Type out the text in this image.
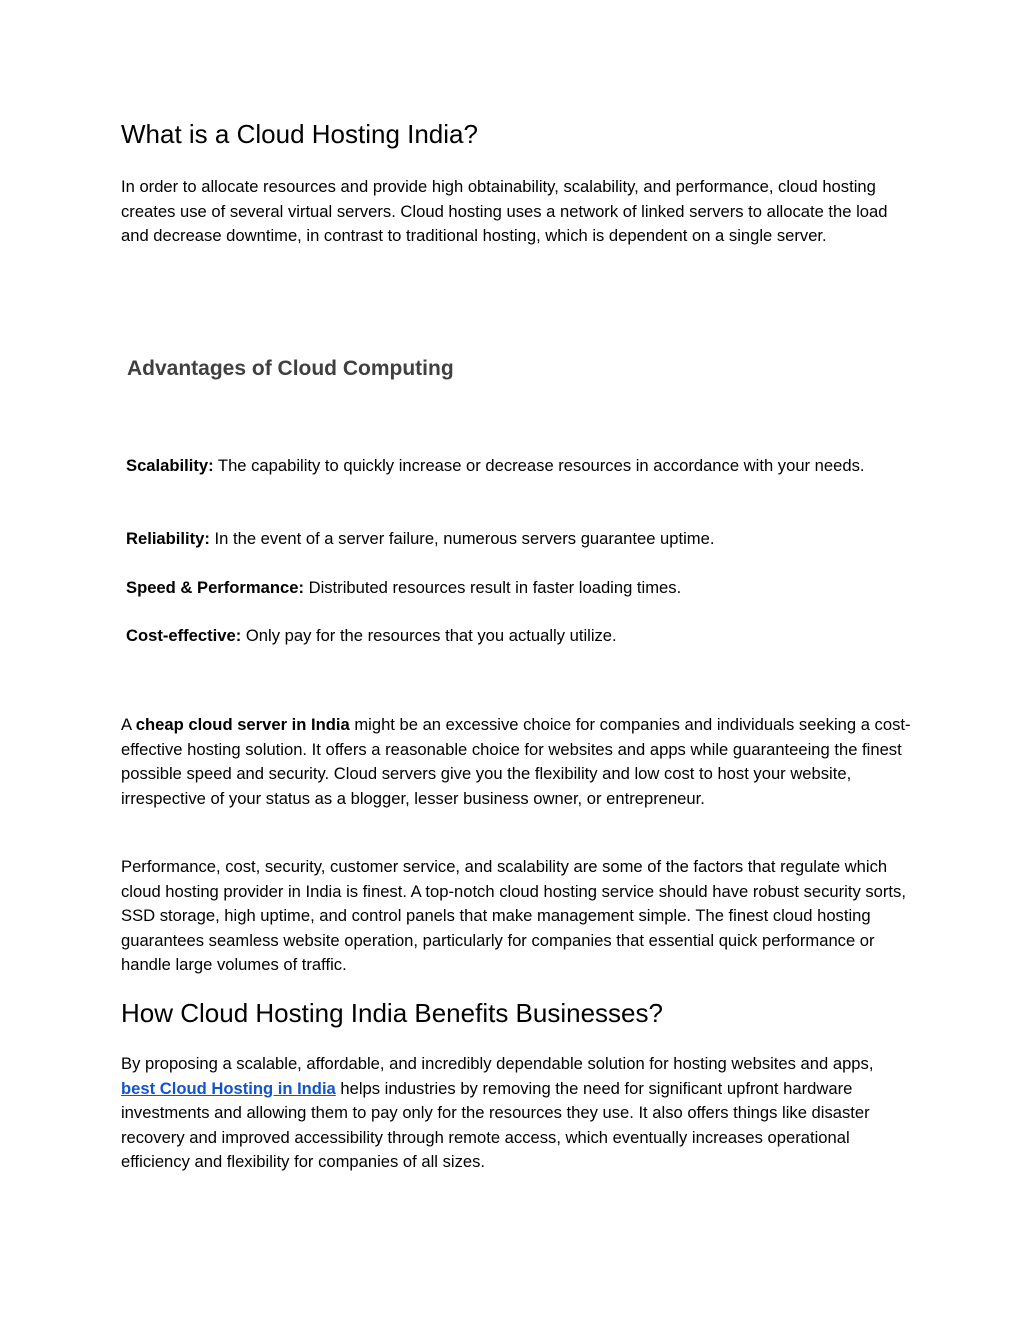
What is a Cloud Hosting India?

In order to allocate resources and provide high obtainability, scalability, and performance, cloud hosting creates use of several virtual servers. Cloud hosting uses a network of linked servers to allocate the load and decrease downtime, in contrast to traditional hosting, which is dependent on a single server.

Advantages of Cloud Computing

Scalability: The capability to quickly increase or decrease resources in accordance with your needs.

Reliability: In the event of a server failure, numerous servers guarantee uptime.

Speed & Performance: Distributed resources result in faster loading times.

Cost-effective: Only pay for the resources that you actually utilize.

A cheap cloud server in India might be an excessive choice for companies and individuals seeking a cost-effective hosting solution. It offers a reasonable choice for websites and apps while guaranteeing the finest possible speed and security. Cloud servers give you the flexibility and low cost to host your website, irrespective of your status as a blogger, lesser business owner, or entrepreneur.

Performance, cost, security, customer service, and scalability are some of the factors that regulate which cloud hosting provider in India is finest. A top-notch cloud hosting service should have robust security sorts, SSD storage, high uptime, and control panels that make management simple. The finest cloud hosting guarantees seamless website operation, particularly for companies that essential quick performance or handle large volumes of traffic.

How Cloud Hosting India Benefits Businesses?

By proposing a scalable, affordable, and incredibly dependable solution for hosting websites and apps, best Cloud Hosting in India helps industries by removing the need for significant upfront hardware investments and allowing them to pay only for the resources they use. It also offers things like disaster recovery and improved accessibility through remote access, which eventually increases operational efficiency and flexibility for companies of all sizes.
